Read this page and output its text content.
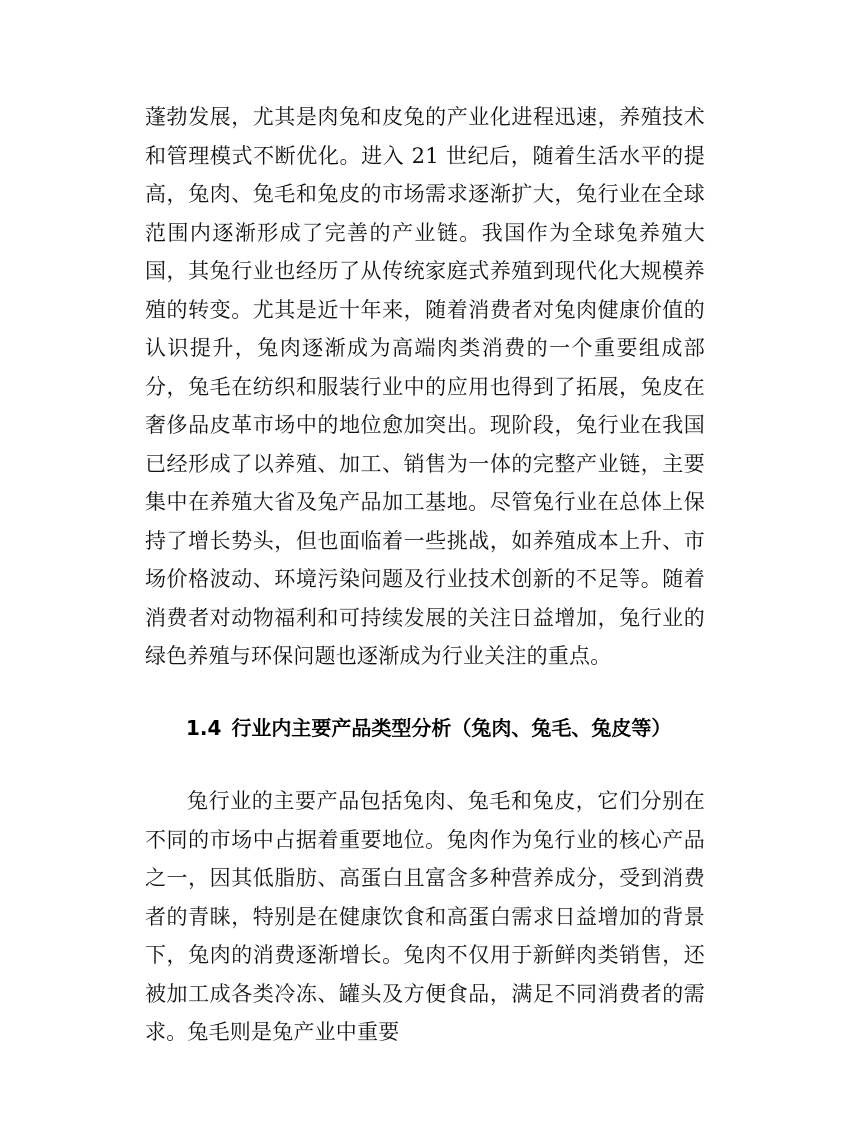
蓬勃发展，尤其是肉兔和皮兔的产业化进程迅速，养殖技术和管理模式不断优化。进入 21 世纪后，随着生活水平的提高，兔肉、兔毛和兔皮的市场需求逐渐扩大，兔行业在全球范围内逐渐形成了完善的产业链。我国作为全球兔养殖大国，其兔行业也经历了从传统家庭式养殖到现代化大规模养殖的转变。尤其是近十年来，随着消费者对兔肉健康价值的认识提升，兔肉逐渐成为高端肉类消费的一个重要组成部分，兔毛在纺织和服装行业中的应用也得到了拓展，兔皮在奢侈品皮革市场中的地位愈加突出。现阶段，兔行业在我国已经形成了以养殖、加工、销售为一体的完整产业链，主要集中在养殖大省及兔产品加工基地。尽管兔行业在总体上保持了增长势头，但也面临着一些挑战，如养殖成本上升、市场价格波动、环境污染问题及行业技术创新的不足等。随着消费者对动物福利和可持续发展的关注日益增加，兔行业的绿色养殖与环保问题也逐渐成为行业关注的重点。

1.4 行业内主要产品类型分析（兔肉、兔毛、兔皮等）

兔行业的主要产品包括兔肉、兔毛和兔皮，它们分别在不同的市场中占据着重要地位。兔肉作为兔行业的核心产品之一，因其低脂肪、高蛋白且富含多种营养成分，受到消费者的青睐，特别是在健康饮食和高蛋白需求日益增加的背景下，兔肉的消费逐渐增长。兔肉不仅用于新鲜肉类销售，还被加工成各类冷冻、罐头及方便食品，满足不同消费者的需求。兔毛则是兔产业中重要
